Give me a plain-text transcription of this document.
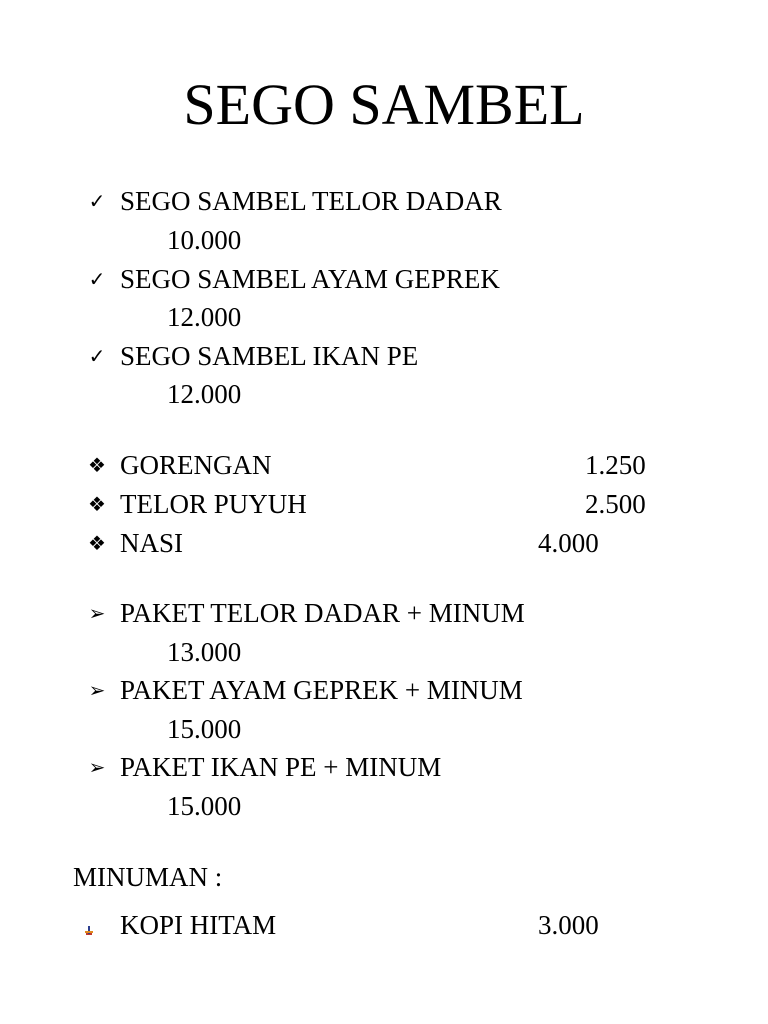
SEGO SAMBEL
✓ SEGO SAMBEL TELOR DADAR
10.000
✓ SEGO SAMBEL AYAM GEPREK
12.000
✓ SEGO SAMBEL IKAN PE
12.000
❖ GORENGAN	1.250
❖ TELOR PUYUH	2.500
❖ NASI	4.000
➢ PAKET TELOR DADAR + MINUM
13.000
➢ PAKET AYAM GEPREK + MINUM
15.000
➢ PAKET IKAN PE + MINUM
15.000
MINUMAN :
KOPI HITAM	3.000
